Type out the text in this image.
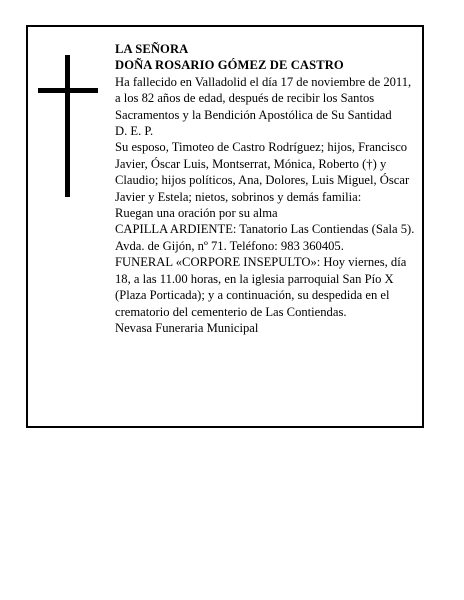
LA SEÑORA

DOÑA ROSARIO GÓMEZ DE CASTRO

Ha fallecido en Valladolid el día 17 de noviembre de 2011, a los 82 años de edad, después de recibir los Santos Sacramentos y la Bendición Apostólica de Su Santidad

D. E. P.

Su esposo, Timoteo de Castro Rodríguez; hijos, Francisco Javier, Óscar Luis, Montserrat, Mónica, Roberto (†) y Claudio; hijos políticos, Ana, Dolores, Luis Miguel, Óscar Javier y Estela; nietos, sobrinos y demás familia:

Ruegan una oración por su alma

CAPILLA ARDIENTE: Tanatorio Las Contiendas (Sala 5). Avda. de Gijón, nº 71. Teléfono: 983 360405.

FUNERAL «CORPORE INSEPULTO»: Hoy viernes, día 18, a las 11.00 horas, en la iglesia parroquial San Pío X (Plaza Porticada); y a continuación, su despedida en el crematorio del cementerio de Las Contiendas.

Nevasa Funeraria Municipal
